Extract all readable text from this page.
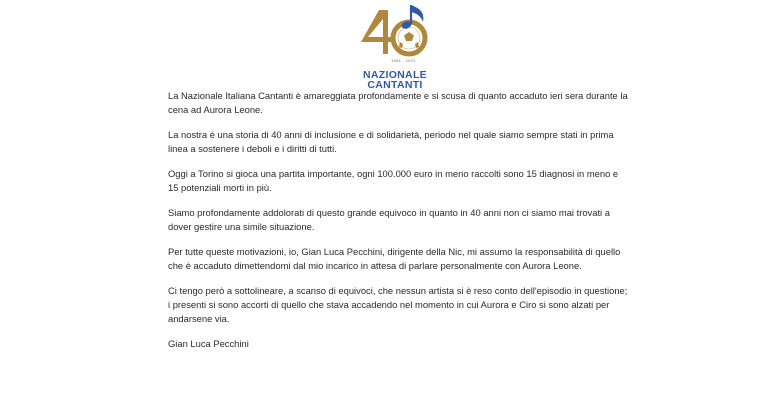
1981 - 2021
NAZIONALE
CANTANTI

La Nazionale Italiana Cantanti è amareggiata profondamente e si scusa di quanto accaduto ieri sera durante la cena ad Aurora Leone.

La nostra è una storia di 40 anni di inclusione e di solidarietà, periodo nel quale siamo sempre stati in prima linea a sostenere i deboli e i diritti di tutti.

Oggi a Torino si gioca una partita importante, ogni 100.000 euro in meno raccolti sono 15 diagnosi in meno e 15 potenziali morti in più.

Siamo profondamente addolorati di questo grande equivoco in quanto in 40 anni non ci siamo mai trovati a dover gestire una simile situazione.

Per tutte queste motivazioni, io, Gian Luca Pecchini, dirigente della Nic, mi assumo la responsabilità di quello che è accaduto dimettendomi dal mio incarico in attesa di parlare personalmente con Aurora Leone.

Ci tengo però a sottolineare, a scanso di equivoci, che nessun artista si è reso conto dell'episodio in questione; i presenti si sono accorti di quello che stava accadendo nel momento in cui Aurora e Ciro si sono alzati per andarsene via.

Gian Luca Pecchini
